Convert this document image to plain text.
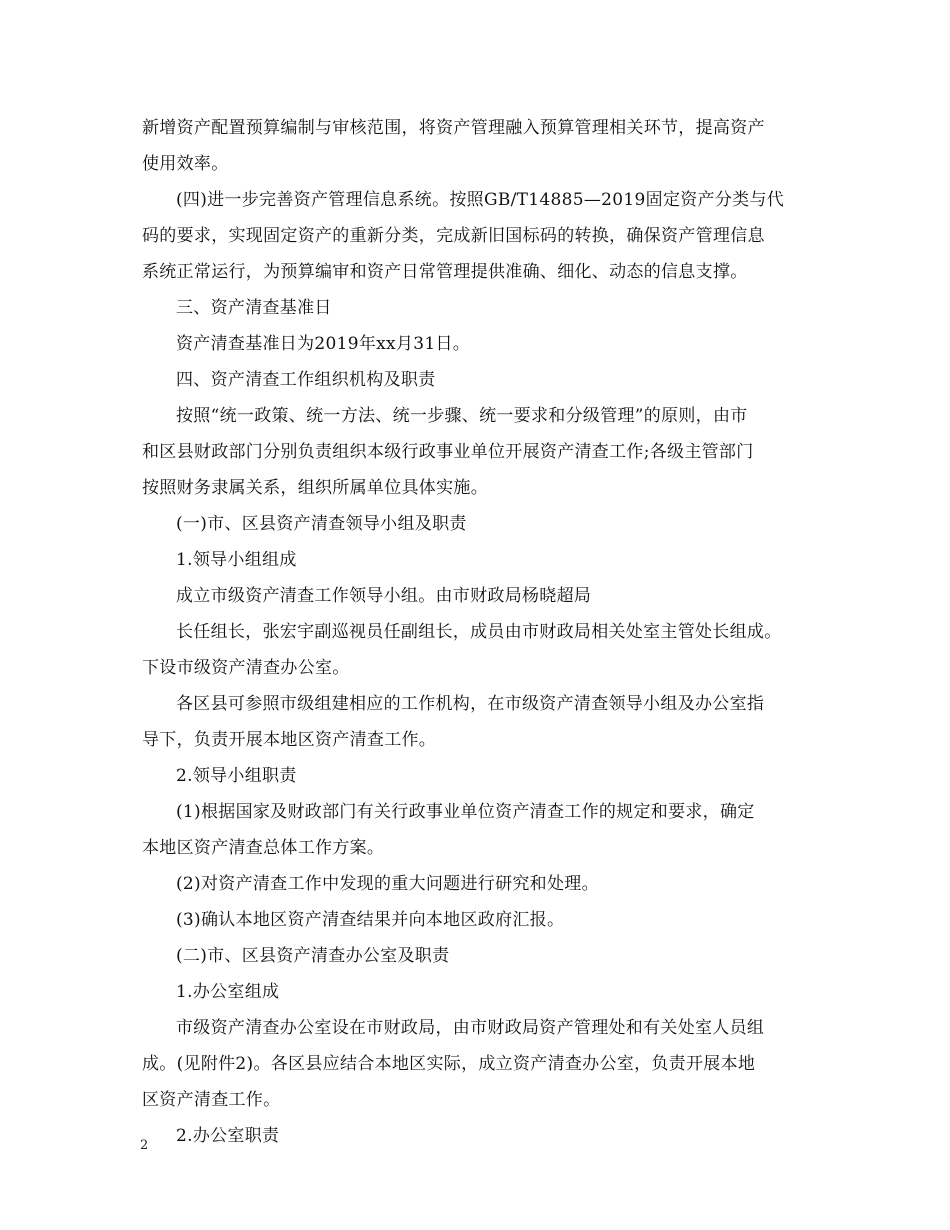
新增资产配置预算编制与审核范围，将资产管理融入预算管理相关环节，提高资产
使用效率。
(四)进一步完善资产管理信息系统。按照GB/T14885—2019固定资产分类与代
码的要求，实现固定资产的重新分类，完成新旧国标码的转换，确保资产管理信息
系统正常运行，为预算编审和资产日常管理提供准确、细化、动态的信息支撑。
三、资产清查基准日
资产清查基准日为2019年xx月31日。
四、资产清查工作组织机构及职责
按照“统一政策、统一方法、统一步骤、统一要求和分级管理”的原则，由市
和区县财政部门分别负责组织本级行政事业单位开展资产清查工作;各级主管部门
按照财务隶属关系，组织所属单位具体实施。
(一)市、区县资产清查领导小组及职责
1.领导小组组成
成立市级资产清查工作领导小组。由市财政局杨晓超局
长任组长，张宏宇副巡视员任副组长，成员由市财政局相关处室主管处长组成。
下设市级资产清查办公室。
各区县可参照市级组建相应的工作机构，在市级资产清查领导小组及办公室指
导下，负责开展本地区资产清查工作。
2.领导小组职责
(1)根据国家及财政部门有关行政事业单位资产清查工作的规定和要求，确定
本地区资产清查总体工作方案。
(2)对资产清查工作中发现的重大问题进行研究和处理。
(3)确认本地区资产清查结果并向本地区政府汇报。
(二)市、区县资产清查办公室及职责
1.办公室组成
市级资产清查办公室设在市财政局，由市财政局资产管理处和有关处室人员组
成。(见附件2)。各区县应结合本地区实际，成立资产清查办公室，负责开展本地
区资产清查工作。
2.办公室职责
2
